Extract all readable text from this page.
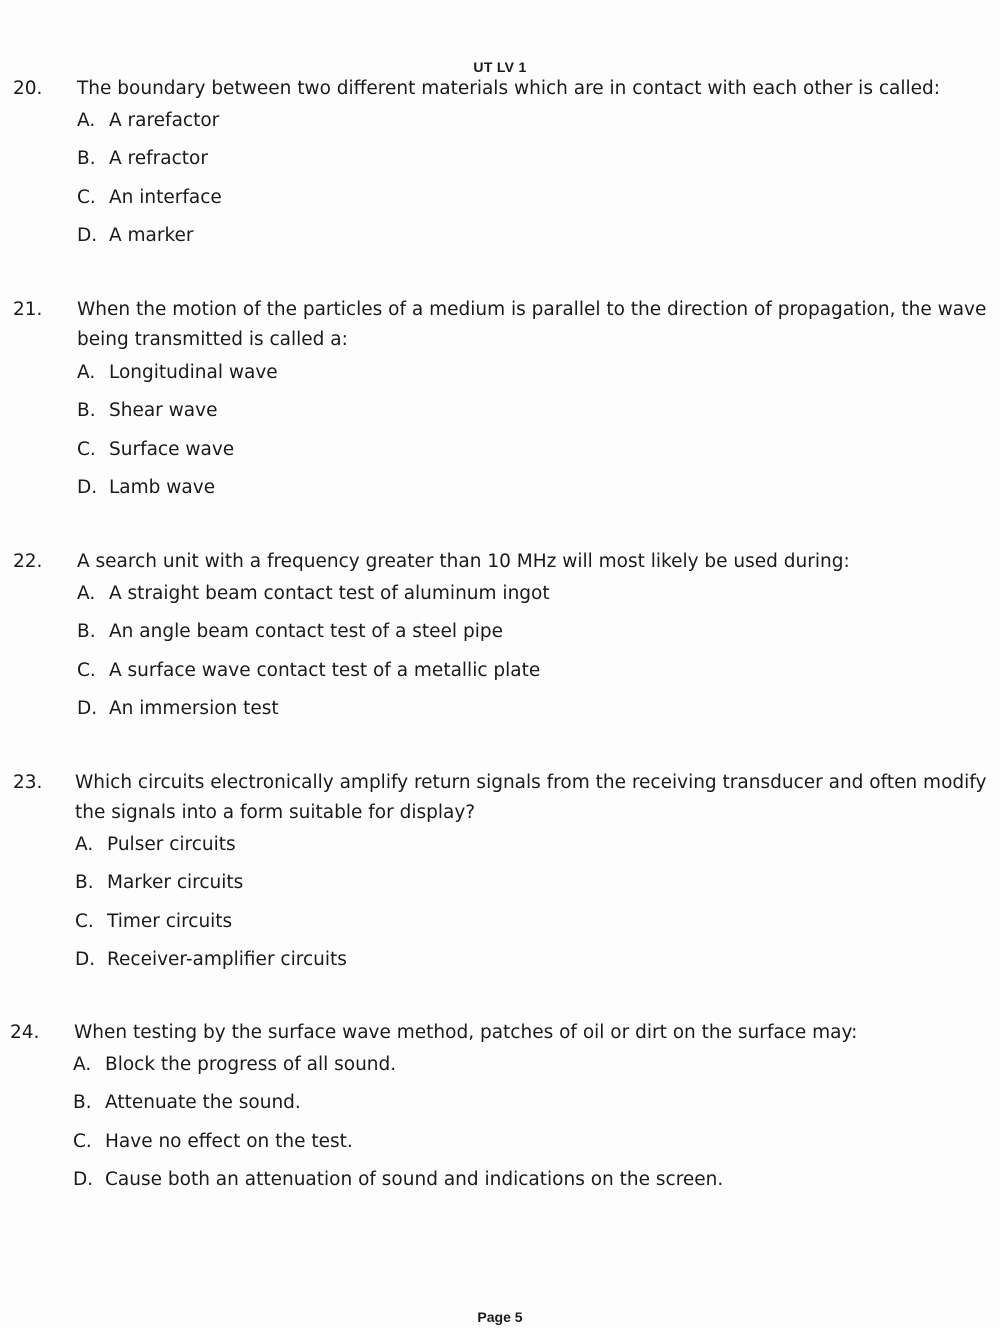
UT LV 1
20. The boundary between two different materials which are in contact with each other is called:
A. A rarefactor
B. A refractor
C. An interface
D. A marker
21. When the motion of the particles of a medium is parallel to the direction of propagation, the wave
being transmitted is called a:
A. Longitudinal wave
B. Shear wave
C. Surface wave
D. Lamb wave
22. A search unit with a frequency greater than 10 MHz will most likely be used during:
A. A straight beam contact test of aluminum ingot
B. An angle beam contact test of a steel pipe
C. A surface wave contact test of a metallic plate
D. An immersion test
23. Which circuits electronically amplify return signals from the receiving transducer and often modify
the signals into a form suitable for display?
A. Pulser circuits
B. Marker circuits
C. Timer circuits
D. Receiver-amplifier circuits
24. When testing by the surface wave method, patches of oil or dirt on the surface may:
A. Block the progress of all sound.
B. Attenuate the sound.
C. Have no effect on the test.
D. Cause both an attenuation of sound and indications on the screen.
Page 5
